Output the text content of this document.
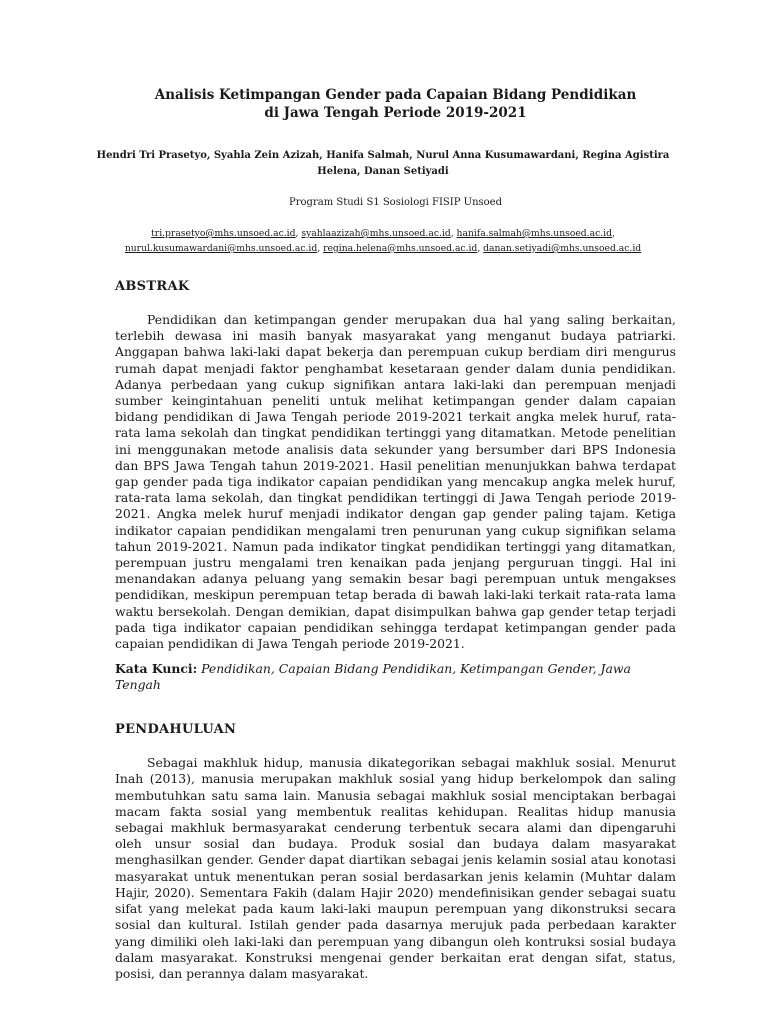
Analisis Ketimpangan Gender pada Capaian Bidang Pendidikan
di Jawa Tengah Periode 2019-2021
Hendri Tri Prasetyo, Syahla Zein Azizah, Hanifa Salmah, Nurul Anna Kusumawardani, Regina Agistira Helena, Danan Setiyadi
Program Studi S1 Sosiologi FISIP Unsoed
tri.prasetyo@mhs.unsoed.ac.id, syahlaazizah@mhs.unsoed.ac.id, hanifa.salmah@mhs.unsoed.ac.id,
nurul.kusumawardani@mhs.unsoed.ac.id, regina.helena@mhs.unsoed.ac.id, danan.setiyadi@mhs.unsoed.ac.id
ABSTRAK

Pendidikan dan ketimpangan gender merupakan dua hal yang saling berkaitan, terlebih dewasa ini masih banyak masyarakat yang menganut budaya patriarki. Anggapan bahwa laki-laki dapat bekerja dan perempuan cukup berdiam diri mengurus rumah dapat menjadi faktor penghambat kesetaraan gender dalam dunia pendidikan. Adanya perbedaan yang cukup signifikan antara laki-laki dan perempuan menjadi sumber keingintahuan peneliti untuk melihat ketimpangan gender dalam capaian bidang pendidikan di Jawa Tengah periode 2019-2021 terkait angka melek huruf, rata-rata lama sekolah dan tingkat pendidikan tertinggi yang ditamatkan. Metode penelitian ini menggunakan metode analisis data sekunder yang bersumber dari BPS Indonesia dan BPS Jawa Tengah tahun 2019-2021. Hasil penelitian menunjukkan bahwa terdapat gap gender pada tiga indikator capaian pendidikan yang mencakup angka melek huruf, rata-rata lama sekolah, dan tingkat pendidikan tertinggi di Jawa Tengah periode 2019-2021. Angka melek huruf menjadi indikator dengan gap gender paling tajam. Ketiga indikator capaian pendidikan mengalami tren penurunan yang cukup signifikan selama tahun 2019-2021. Namun pada indikator tingkat pendidikan tertinggi yang ditamatkan, perempuan justru mengalami tren kenaikan pada jenjang perguruan tinggi. Hal ini menandakan adanya peluang yang semakin besar bagi perempuan untuk mengakses pendidikan, meskipun perempuan tetap berada di bawah laki-laki terkait rata-rata lama waktu bersekolah. Dengan demikian, dapat disimpulkan bahwa gap gender tetap terjadi pada tiga indikator capaian pendidikan sehingga terdapat ketimpangan gender pada capaian pendidikan di Jawa Tengah periode 2019-2021.

Kata Kunci: Pendidikan, Capaian Bidang Pendidikan, Ketimpangan Gender, Jawa Tengah

PENDAHULUAN

Sebagai makhluk hidup, manusia dikategorikan sebagai makhluk sosial. Menurut Inah (2013), manusia merupakan makhluk sosial yang hidup berkelompok dan saling membutuhkan satu sama lain. Manusia sebagai makhluk sosial menciptakan berbagai macam fakta sosial yang membentuk realitas kehidupan. Realitas hidup manusia sebagai makhluk bermasyarakat cenderung terbentuk secara alami dan dipengaruhi oleh unsur sosial dan budaya. Produk sosial dan budaya dalam masyarakat menghasilkan gender. Gender dapat diartikan sebagai jenis kelamin sosial atau konotasi masyarakat untuk menentukan peran sosial berdasarkan jenis kelamin (Muhtar dalam Hajir, 2020). Sementara Fakih (dalam Hajir 2020) mendefinisikan gender sebagai suatu sifat yang melekat pada kaum laki-laki maupun perempuan yang dikonstruksi secara sosial dan kultural. Istilah gender pada dasarnya merujuk pada perbedaan karakter yang dimiliki oleh laki-laki dan perempuan yang dibangun oleh kontruksi sosial budaya dalam masyarakat. Konstruksi mengenai gender berkaitan erat dengan sifat, status, posisi, dan perannya dalam masyarakat.
